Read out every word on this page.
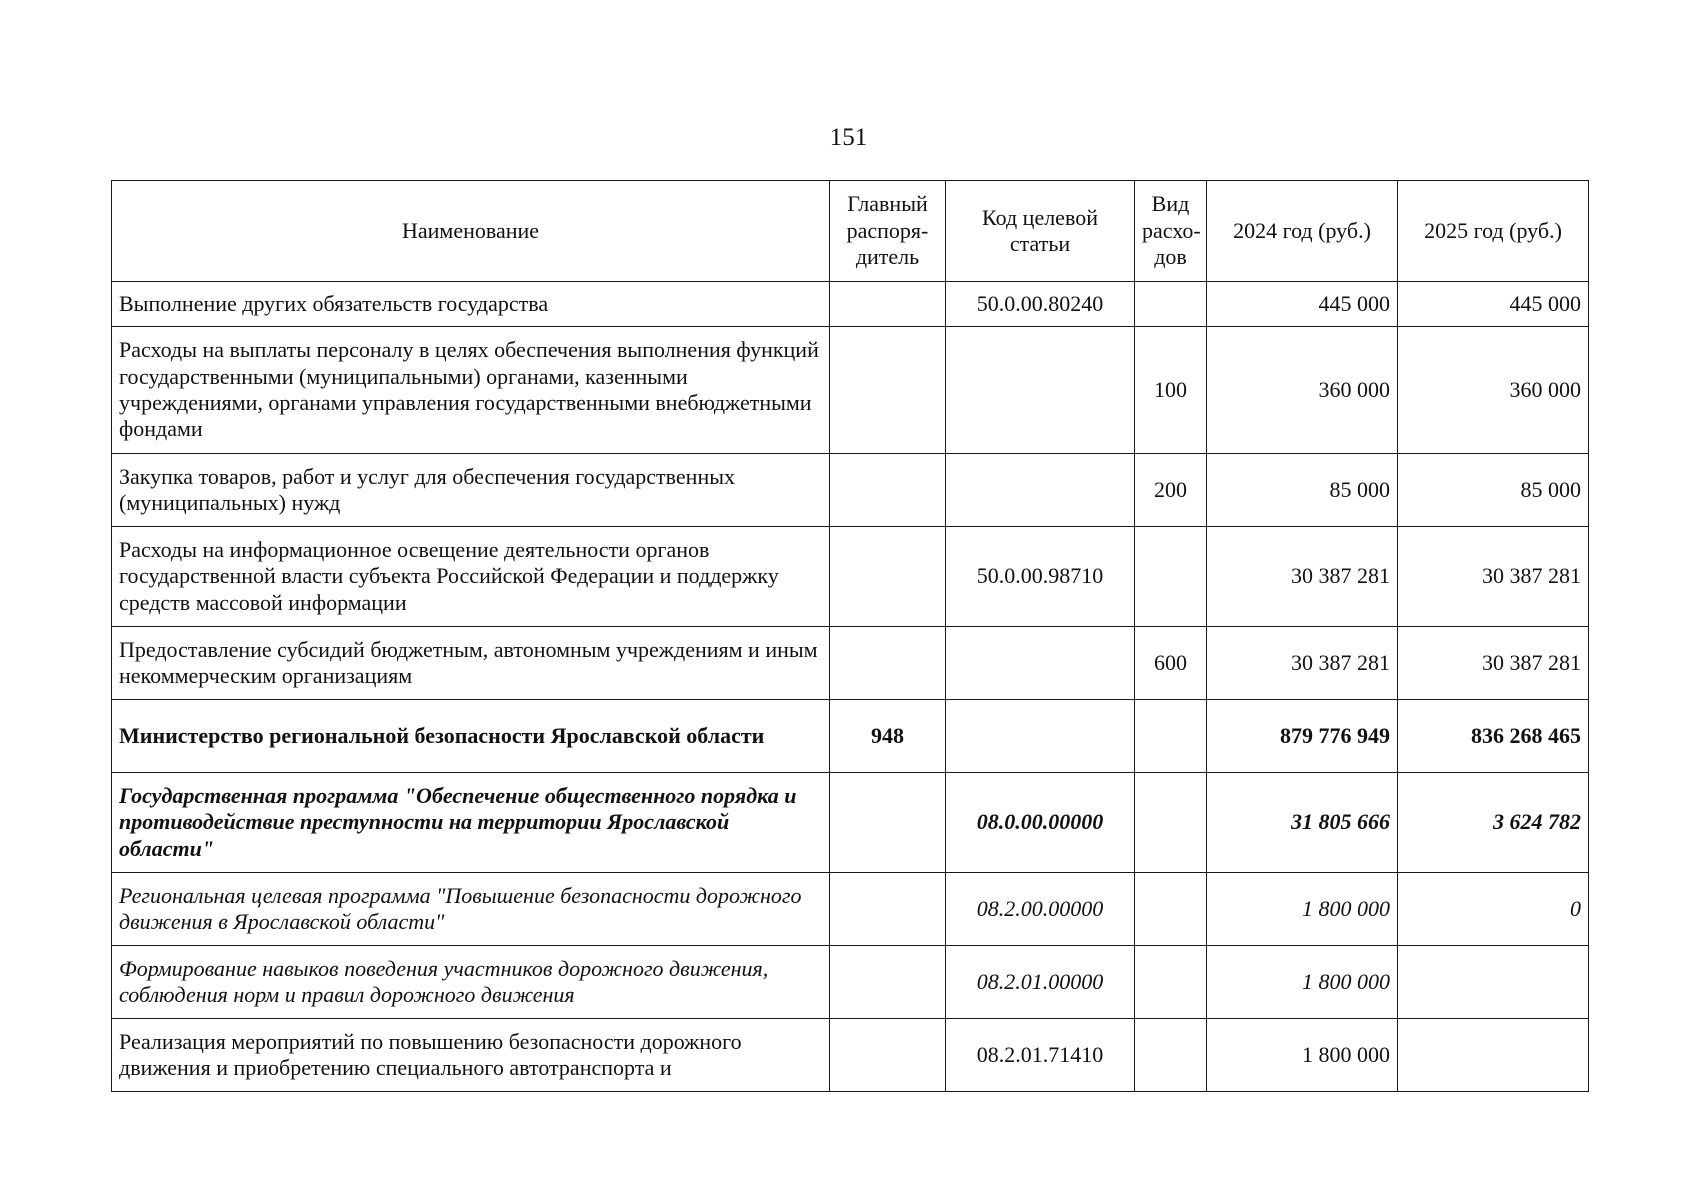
151
Наименование	Главный распоря-дитель	Код целевой статьи	Вид расхо-дов	2024 год (руб.)	2025 год (руб.)
Выполнение других обязательств государства		50.0.00.80240		445 000	445 000
Расходы на выплаты персоналу в целях обеспечения выполнения функций государственными (муниципальными) органами, казенными учреждениями, органами управления государственными внебюджетными фондами			100	360 000	360 000
Закупка товаров, работ и услуг для обеспечения государственных (муниципальных) нужд			200	85 000	85 000
Расходы на информационное освещение деятельности органов государственной власти субъекта Российской Федерации и поддержку средств массовой информации		50.0.00.98710		30 387 281	30 387 281
Предоставление субсидий бюджетным, автономным учреждениям и иным некоммерческим организациям			600	30 387 281	30 387 281
Министерство региональной безопасности Ярославской области	948			879 776 949	836 268 465
Государственная программа "Обеспечение общественного порядка и противодействие преступности на территории Ярославской области"		08.0.00.00000		31 805 666	3 624 782
Региональная целевая программа "Повышение безопасности дорожного движения в Ярославской области"		08.2.00.00000		1 800 000	0
Формирование навыков поведения участников дорожного движения, соблюдения норм и правил дорожного движения		08.2.01.00000		1 800 000	
Реализация мероприятий по повышению безопасности дорожного движения и приобретению специального автотранспорта и		08.2.01.71410		1 800 000	
